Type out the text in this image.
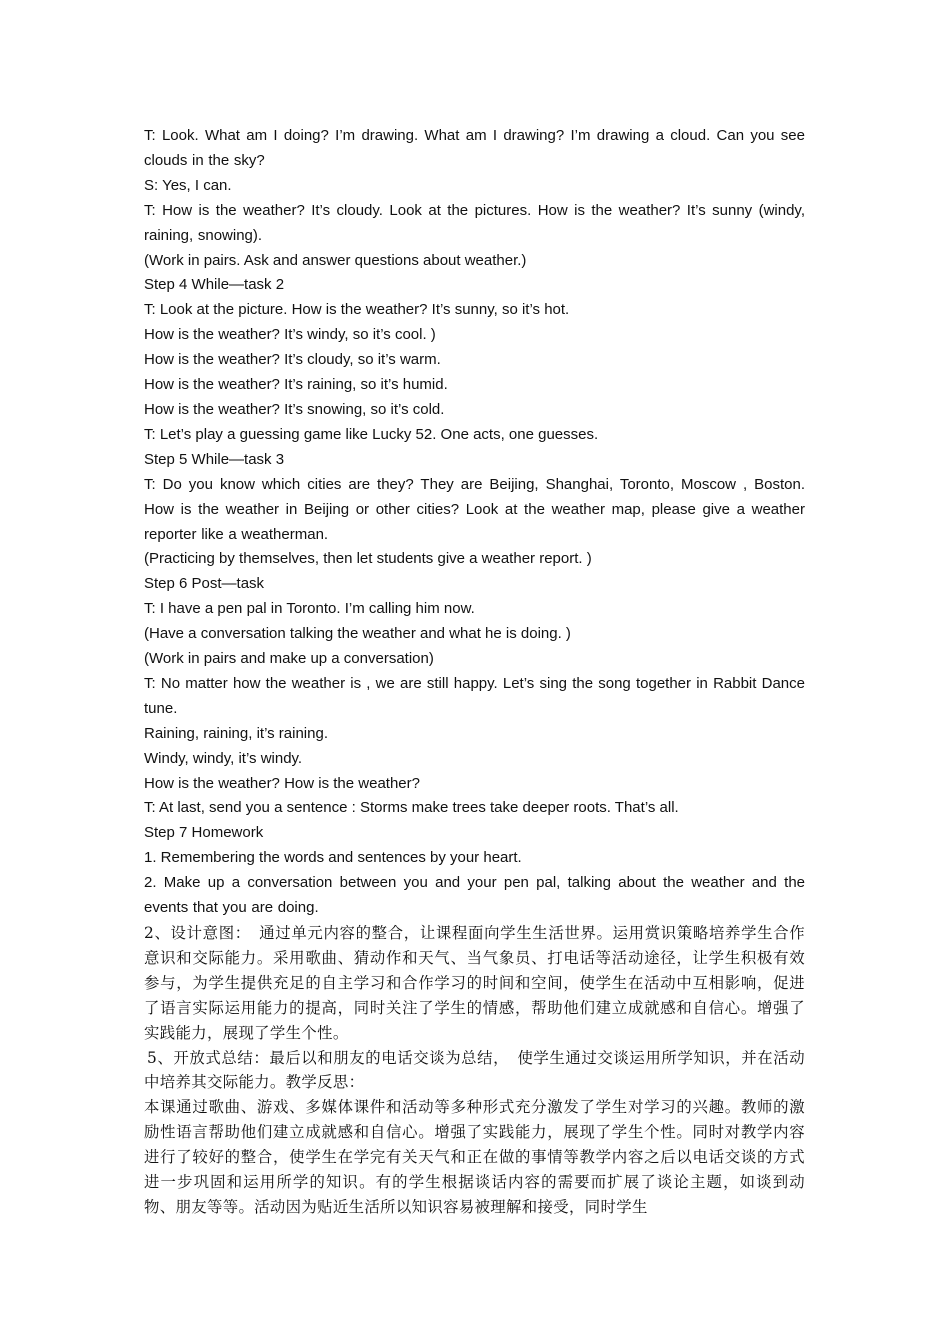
T: Look. What am I doing? I’m drawing. What am I drawing? I’m drawing a cloud. Can you see clouds in the sky?

S: Yes, I can.

T: How is the weather? It’s cloudy. Look at the pictures. How is the weather? It’s sunny (windy, raining, snowing).

(Work in pairs. Ask and answer questions about weather.)

Step 4 While—task 2

T: Look at the picture. How is the weather? It’s sunny, so it’s hot.

How is the weather? It’s windy, so it’s cool. )

How is the weather? It’s cloudy, so it’s warm.

How is the weather? It’s raining, so it’s humid.

How is the weather? It’s snowing, so it’s cold.

T: Let’s play a guessing game like Lucky 52. One acts, one guesses.

Step 5 While—task 3

T: Do you know which cities are they? They are Beijing, Shanghai, Toronto, Moscow , Boston. How is the weather in Beijing or other cities? Look at the weather map, please give a weather reporter like a weatherman.

(Practicing by themselves, then let students give a weather report. )

Step 6 Post—task

T: I have a pen pal in Toronto. I’m calling him now.

(Have a conversation talking the weather and what he is doing. )

(Work in pairs and make up a conversation)

T: No matter how the weather is , we are still happy. Let’s sing the song together in Rabbit Dance tune.

Raining, raining, it’s raining.

Windy, windy, it’s windy.

How is the weather? How is the weather?

T: At last, send you a sentence : Storms make trees take deeper roots. That’s all.

Step 7 Homework

1. Remembering the words and sentences by your heart.

2. Make up a conversation between you and your pen pal, talking about the weather and the events that you are doing.

2、设计意图：　通过单元内容的整合，让课程面向学生生活世界。运用赏识策略培养学生合作意识和交际能力。采用歌曲、猜动作和天气、当气象员、打电话等活动途径，让学生积极有效参与，为学生提供充足的自主学习和合作学习的时间和空间，使学生在活动中互相影响，促进了语言实际运用能力的提高，同时关注了学生的情感，帮助他们建立成就感和自信心。增强了实践能力，展现了学生个性。

5、开放式总结：最后以和朋友的电话交谈为总结，　使学生通过交谈运用所学知识，并在活动中培养其交际能力。教学反思：

本课通过歌曲、游戏、多媒体课件和活动等多种形式充分激发了学生对学习的兴趣。教师的激励性语言帮助他们建立成就感和自信心。增强了实践能力，展现了学生个性。同时对教学内容进行了较好的整合，使学生在学完有关天气和正在做的事情等教学内容之后以电话交谈的方式进一步巩固和运用所学的知识。有的学生根据谈话内容的需要而扩展了谈论主题，如谈到动物、朋友等等。活动因为贴近生活所以知识容易被理解和接受，同时学生
